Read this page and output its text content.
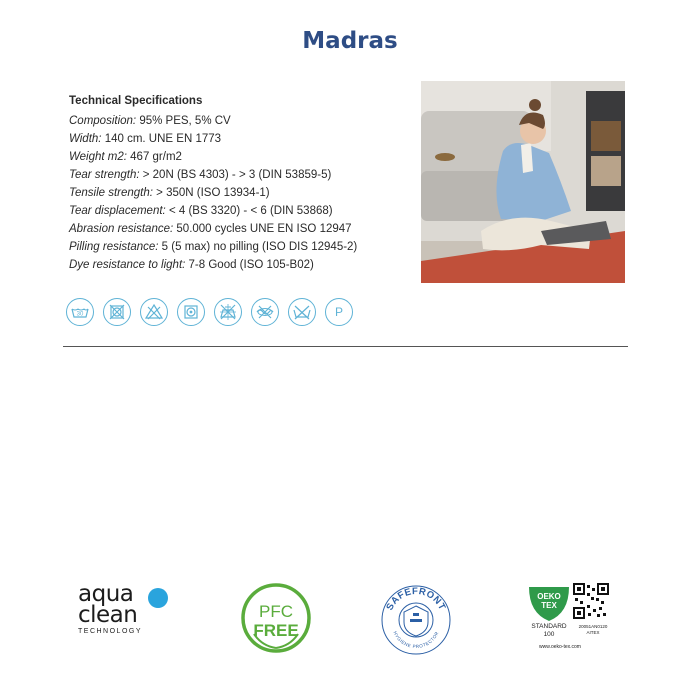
Madras
Technical Specifications
Composition: 95% PES, 5% CV
Width: 140 cm. UNE EN 1773
Weight m2: 467 gr/m2
Tear strength: > 20N (BS 4303) - > 3 (DIN 53859-5)
Tensile strength: > 350N (ISO 13934-1)
Tear displacement: < 4 (BS 3320) - < 6 (DIN 53868)
Abrasion resistance: 50.000 cycles UNE EN ISO 12947
Pilling resistance: 5 (5 max) no pilling (ISO DIS 12945-2)
Dye resistance to light: 7-8 Good (ISO 105-B02)
30	P
aqua
clean
TECHNOLOGY
PFC
FREE
SAFEFRONT
HYGIENE PROTECTOR
OEKO
TEX
STANDARD
100
20051AN0120
AITEX
www.oeko-tex.com
